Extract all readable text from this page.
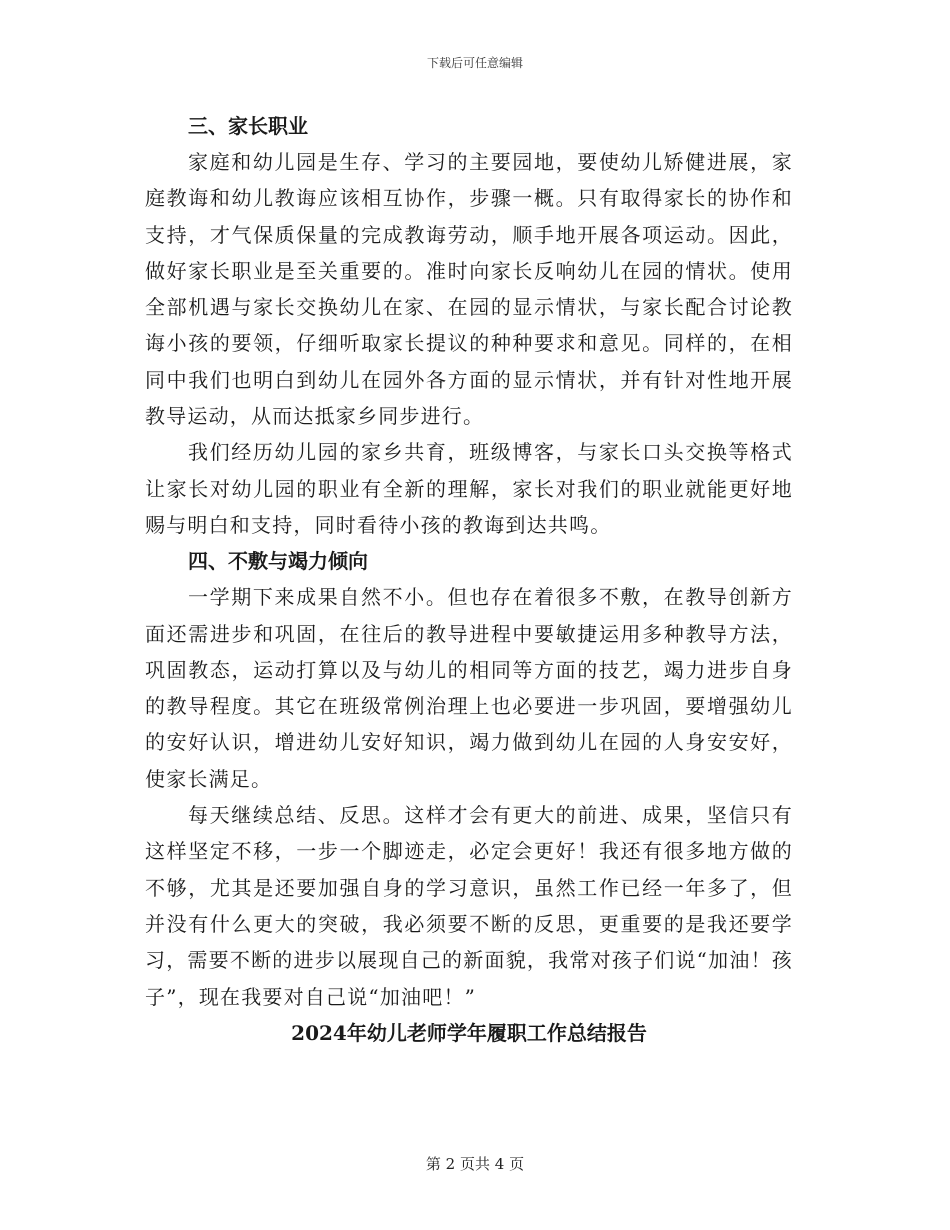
下载后可任意编辑
三、家长职业

家庭和幼儿园是生存、学习的主要园地，要使幼儿矫健进展，家庭教诲和幼儿教诲应该相互协作，步骤一概。只有取得家长的协作和支持，才气保质保量的完成教诲劳动，顺手地开展各项运动。因此，做好家长职业是至关重要的。准时向家长反响幼儿在园的情状。使用全部机遇与家长交换幼儿在家、在园的显示情状，与家长配合讨论教诲小孩的要领，仔细听取家长提议的种种要求和意见。同样的，在相同中我们也明白到幼儿在园外各方面的显示情状，并有针对性地开展教导运动，从而达抵家乡同步进行。

我们经历幼儿园的家乡共育，班级博客，与家长口头交换等格式让家长对幼儿园的职业有全新的理解，家长对我们的职业就能更好地赐与明白和支持，同时看待小孩的教诲到达共鸣。

四、不敷与竭力倾向

一学期下来成果自然不小。但也存在着很多不敷，在教导创新方面还需进步和巩固，在往后的教导进程中要敏捷运用多种教导方法，巩固教态，运动打算以及与幼儿的相同等方面的技艺，竭力进步自身的教导程度。其它在班级常例治理上也必要进一步巩固，要增强幼儿的安好认识，增进幼儿安好知识，竭力做到幼儿在园的人身安安好，使家长满足。

每天继续总结、反思。这样才会有更大的前进、成果，坚信只有这样坚定不移，一步一个脚迹走，必定会更好！我还有很多地方做的不够，尤其是还要加强自身的学习意识，虽然工作已经一年多了，但并没有什么更大的突破，我必须要不断的反思，更重要的是我还要学习，需要不断的进步以展现自己的新面貌，我常对孩子们说“加油！孩子”，现在我要对自己说“加油吧！”

2024年幼儿老师学年履职工作总结报告
第 2 页共 4 页
